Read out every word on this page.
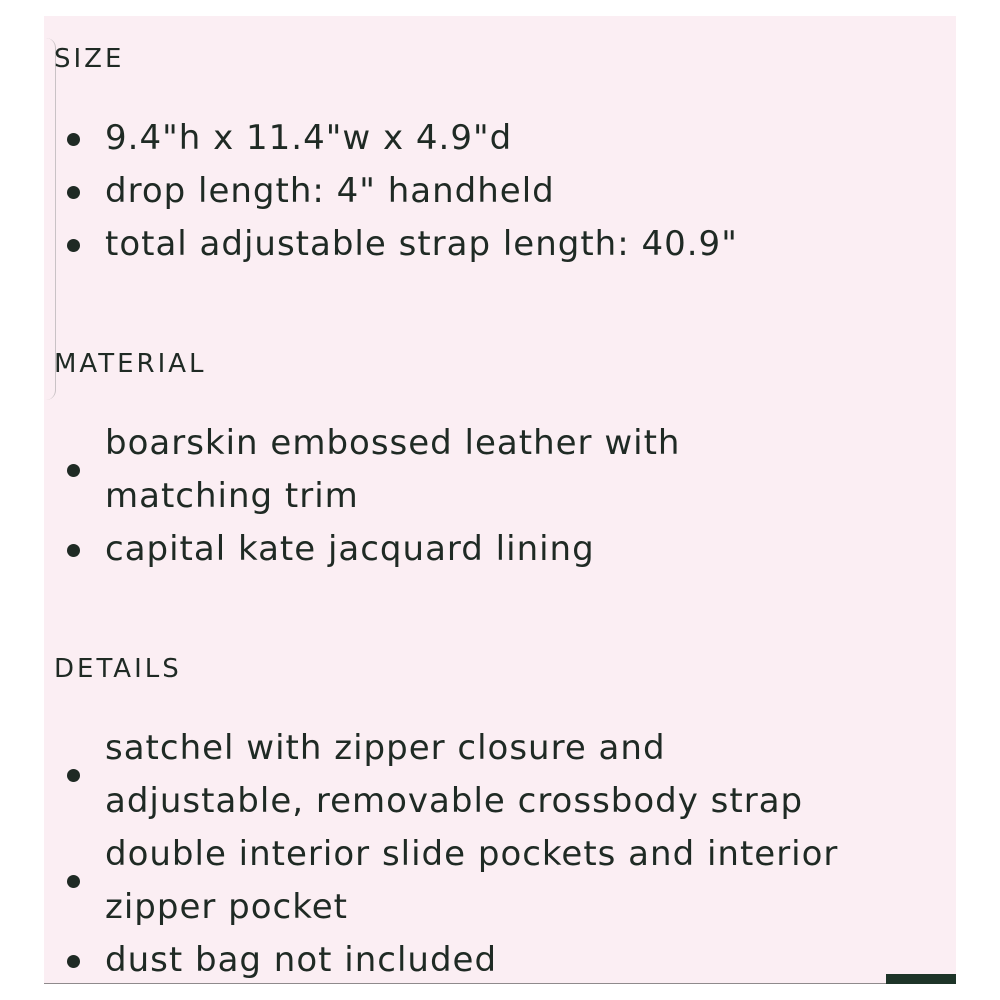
SIZE
9.4"h x 11.4"w x 4.9"d
drop length: 4" handheld
total adjustable strap length: 40.9"
MATERIAL
boarskin embossed leather with matching trim
capital kate jacquard lining
DETAILS
satchel with zipper closure and adjustable, removable crossbody strap
double interior slide pockets and interior zipper pocket
dust bag not included
